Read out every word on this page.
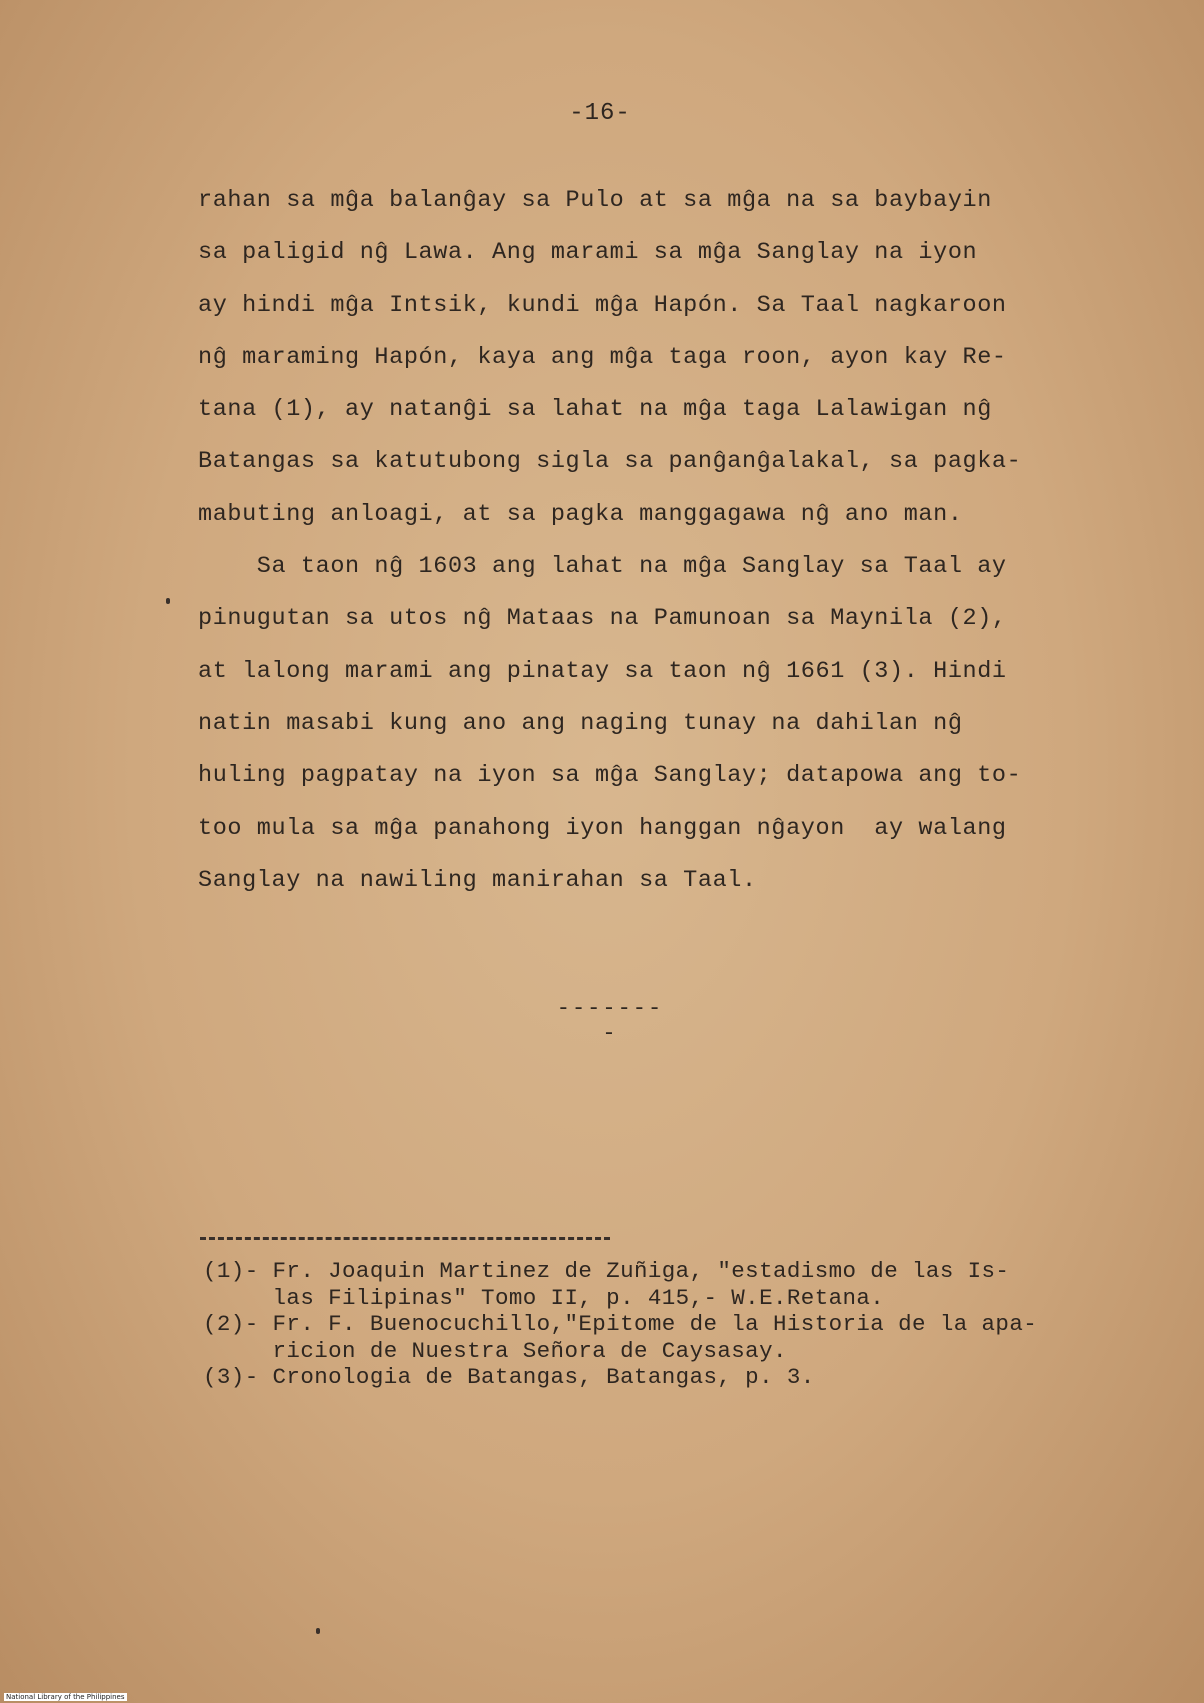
-16-
rahan sa mĝa balanĝay sa Pulo at sa mĝa na sa baybayin
sa paligid nĝ Lawa. Ang marami sa mĝa Sanglay na iyon
ay hindi mĝa Intsik, kundi mĝa Hapón. Sa Taal nagkaroon
nĝ maraming Hapón, kaya ang mĝa taga roon, ayon kay Re-
tana (1), ay natanĝi sa lahat na mĝa taga Lalawigan nĝ
Batangas sa katutubong sigla sa panĝanĝalakal, sa pagka-
mabuting anloagi, at sa pagka manggagawa nĝ ano man.
Sa taon nĝ 1603 ang lahat na mĝa Sanglay sa Taal ay
pinugutan sa utos nĝ Mataas na Pamunoan sa Maynila (2),
at lalong marami ang pinatay sa taon nĝ 1661 (3). Hindi
natin masabi kung ano ang naging tunay na dahilan nĝ
huling pagpatay na iyon sa mĝa Sanglay; datapowa ang to-
too mula sa mĝa panahong iyon hanggan nĝayon  ay walang
Sanglay na nawiling manirahan sa Taal.
--------
(1)- Fr. Joaquin Martinez de Zuñiga, "estadismo de las Is-
las Filipinas" Tomo II, p. 415,- W.E.Retana.
(2)- Fr. F. Buenocuchillo,"Epitome de la Historia de la apa-
ricion de Nuestra Señora de Caysasay.
(3)- Cronologia de Batangas, Batangas, p. 3.
National Library of the Philippines
